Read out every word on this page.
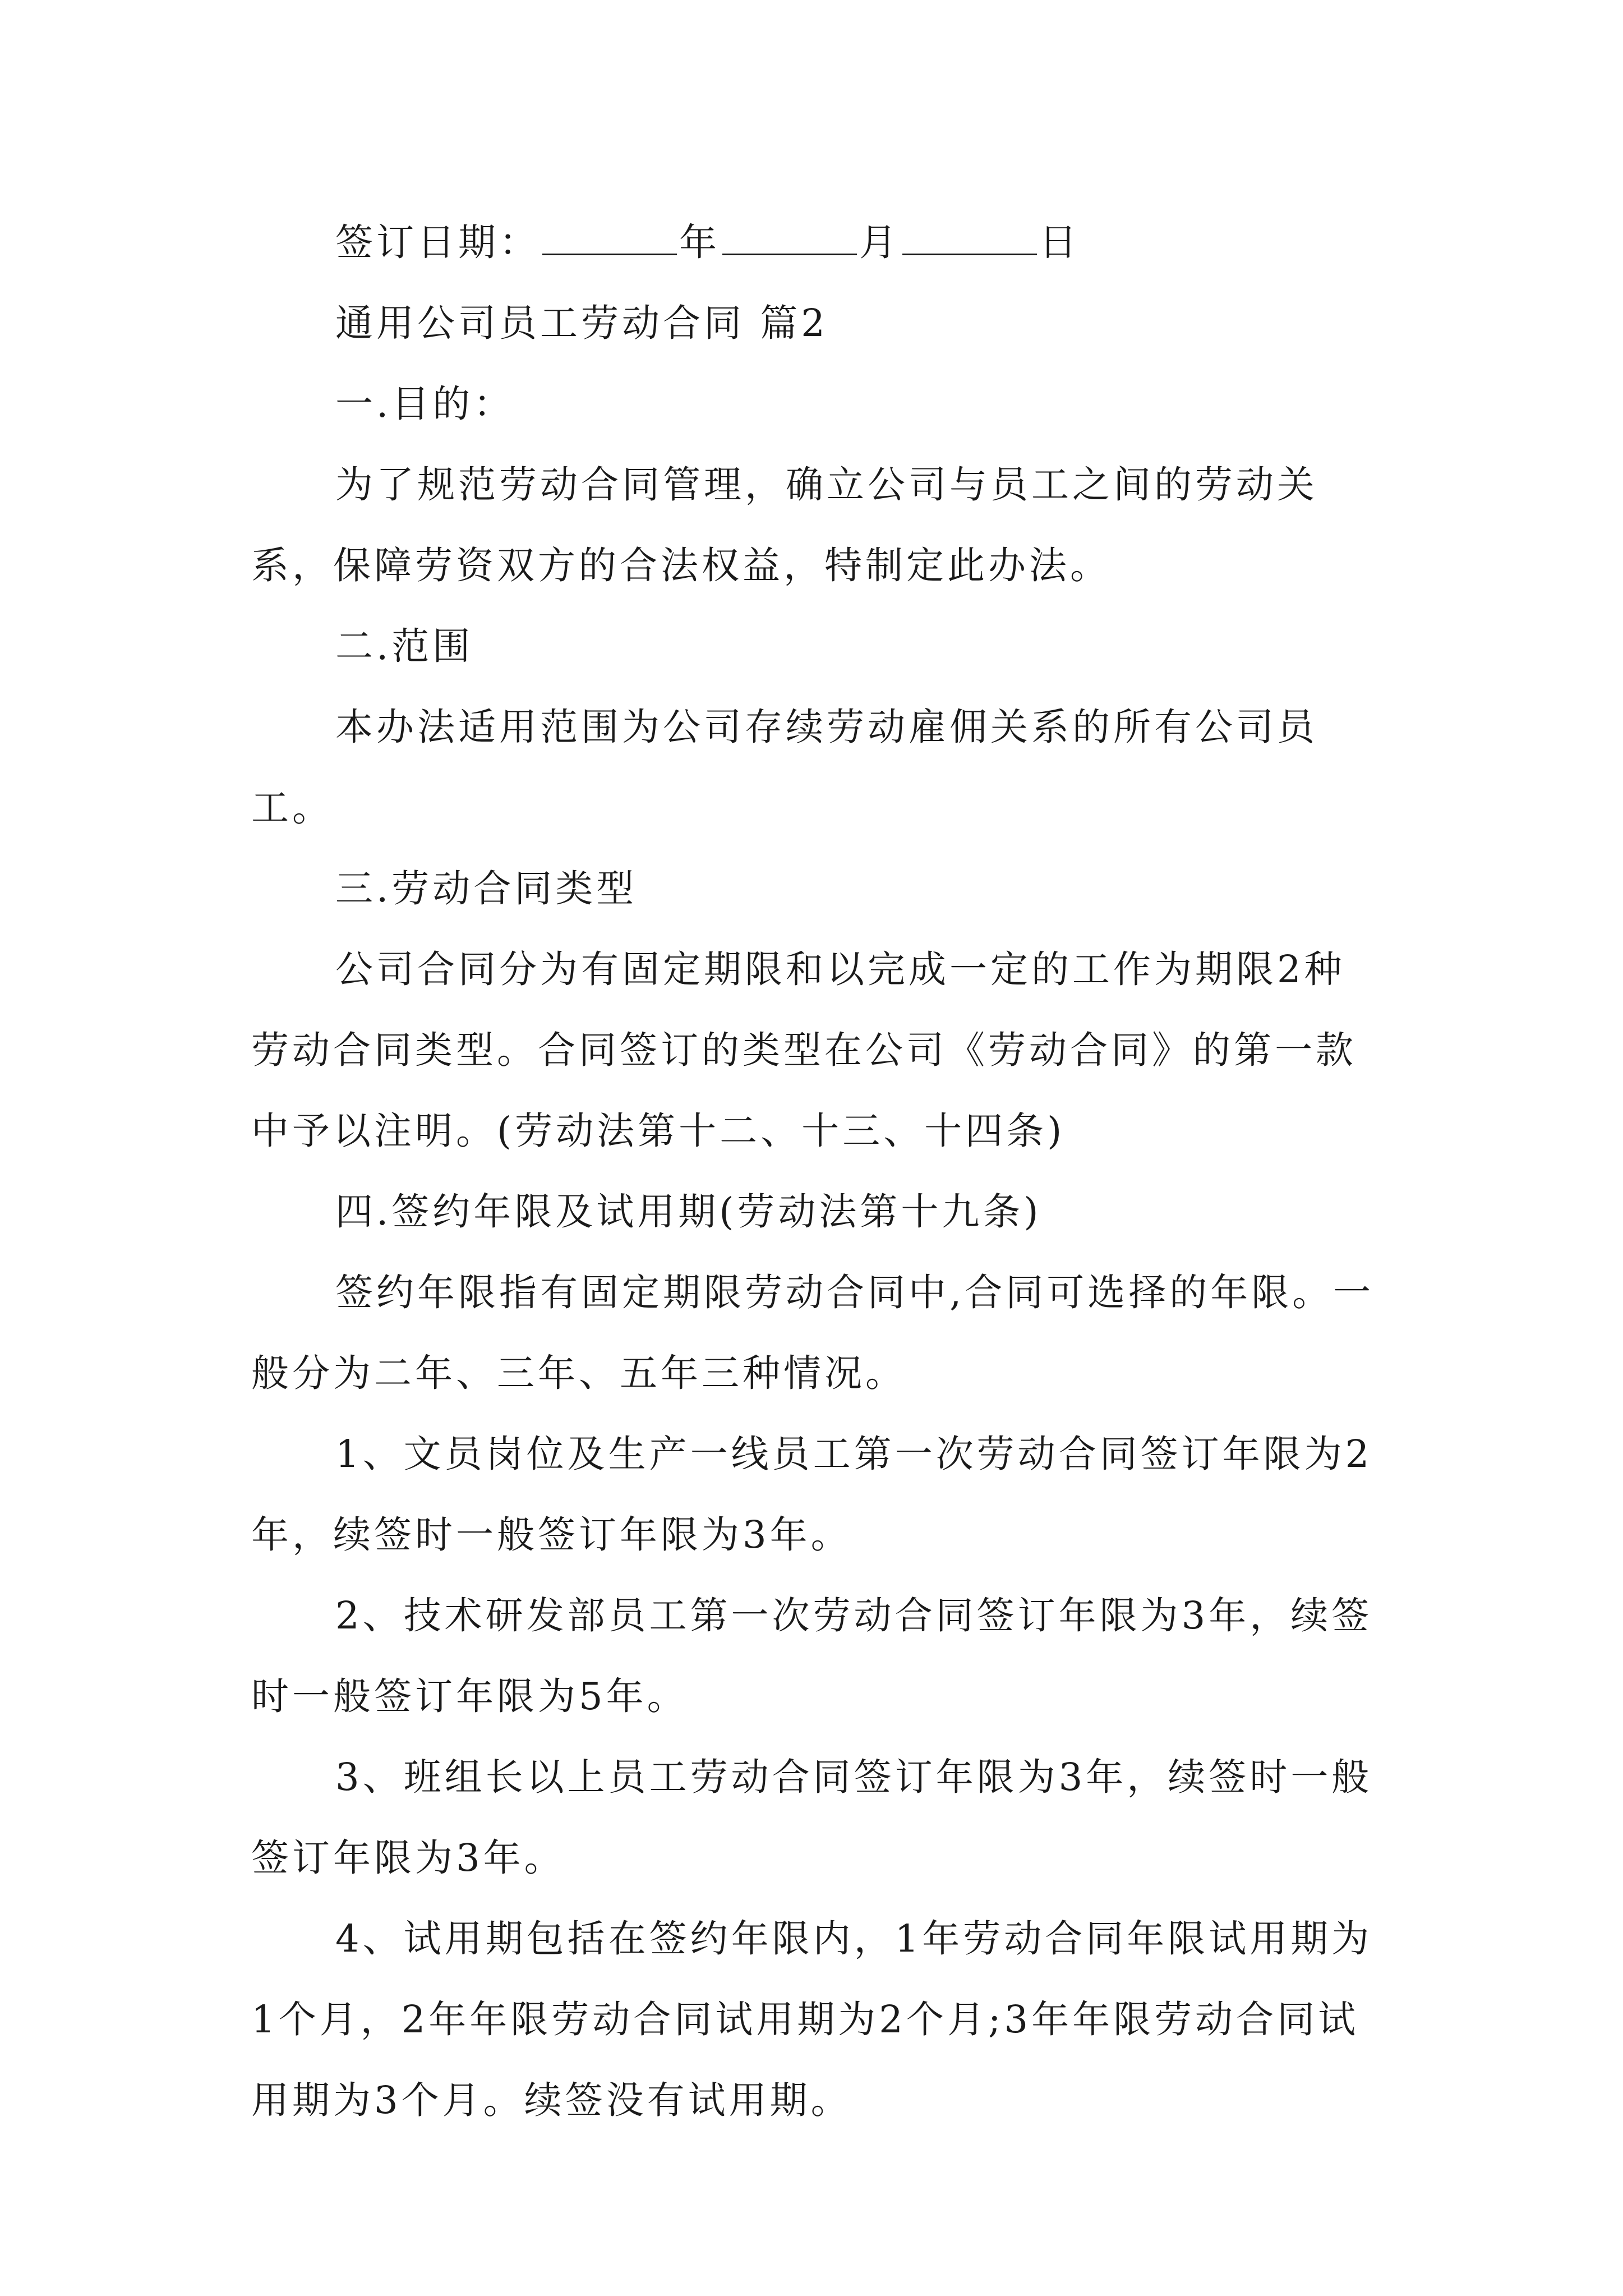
签订日期：	年	月	日

通用公司员工劳动合同 篇2

一.目的：

为了规范劳动合同管理，确立公司与员工之间的劳动关系，保障劳资双方的合法权益，特制定此办法。

二.范围

本办法适用范围为公司存续劳动雇佣关系的所有公司员工。

三.劳动合同类型

公司合同分为有固定期限和以完成一定的工作为期限2种劳动合同类型。合同签订的类型在公司《劳动合同》的第一款中予以注明。(劳动法第十二、十三、十四条)

四.签约年限及试用期(劳动法第十九条)

签约年限指有固定期限劳动合同中,合同可选择的年限。一般分为二年、三年、五年三种情况。

1、文员岗位及生产一线员工第一次劳动合同签订年限为2年，续签时一般签订年限为3年。

2、技术研发部员工第一次劳动合同签订年限为3年，续签时一般签订年限为5年。

3、班组长以上员工劳动合同签订年限为3年，续签时一般签订年限为3年。

4、试用期包括在签约年限内，1年劳动合同年限试用期为1个月，2年年限劳动合同试用期为2个月;3年年限劳动合同试用期为3个月。续签没有试用期。
